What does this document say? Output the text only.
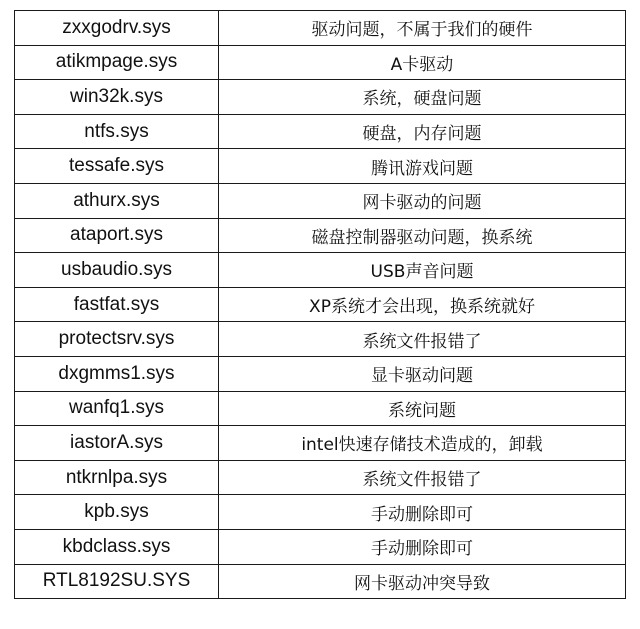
zxxgodrv.sys	驱动问题，不属于我们的硬件
atikmpage.sys	A卡驱动
win32k.sys	系统，硬盘问题
ntfs.sys	硬盘，内存问题
tessafe.sys	腾讯游戏问题
athurx.sys	网卡驱动的问题
ataport.sys	磁盘控制器驱动问题，换系统
usbaudio.sys	USB声音问题
fastfat.sys	XP系统才会出现，换系统就好
protectsrv.sys	系统文件报错了
dxgmms1.sys	显卡驱动问题
wanfq1.sys	系统问题
iastorA.sys	intel快速存储技术造成的，卸载
ntkrnlpa.sys	系统文件报错了
kpb.sys	手动删除即可
kbdclass.sys	手动删除即可
RTL8192SU.SYS	网卡驱动冲突导致
